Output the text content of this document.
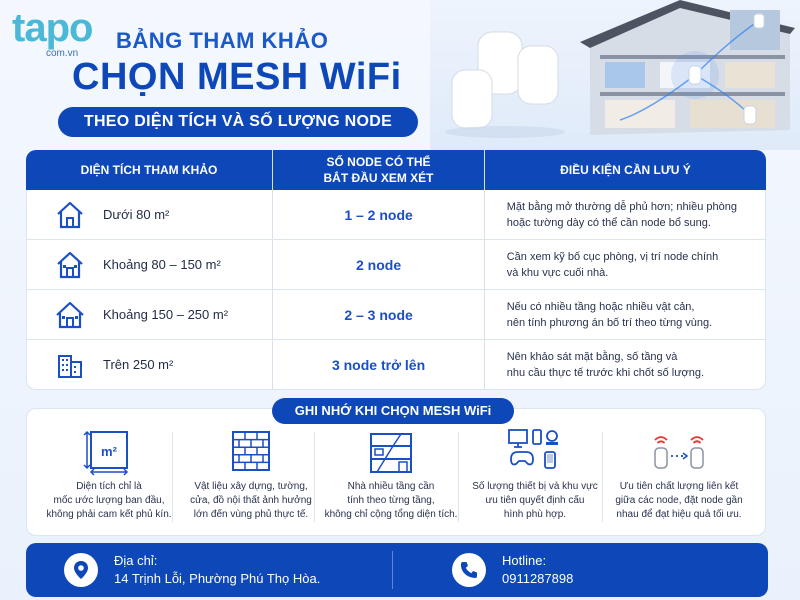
tapo
com.vn
BẢNG THAM KHẢO
CHỌN MESH WiFi
THEO DIỆN TÍCH VÀ SỐ LƯỢNG NODE
DIỆN TÍCH THAM KHẢO
SỐ NODE CÓ THỂ
BẮT ĐẦU XEM XÉT
ĐIỀU KIỆN CẦN LƯU Ý
Dưới 80 m²	1 – 2 node	Mặt bằng mở thường dễ phủ hơn; nhiều phòng
hoặc tường dày có thể cần node bổ sung.
Khoảng 80 – 150 m²	2 node	Cần xem kỹ bố cục phòng, vị trí node chính
và khu vực cuối nhà.
Khoảng 150 – 250 m²	2 – 3 node	Nếu có nhiều tầng hoặc nhiều vật cản,
nên tính phương án bố trí theo từng vùng.
Trên 250 m²	3 node trở lên	Nên khảo sát mặt bằng, số tầng và
nhu cầu thực tế trước khi chốt số lượng.
GHI NHỚ KHI CHỌN MESH WiFi
m²
Diện tích chỉ là
mốc ước lượng ban đầu,
không phải cam kết phủ kín.
Vật liệu xây dựng, tường,
cửa, đồ nội thất ảnh hưởng
lớn đến vùng phủ thực tế.
Nhà nhiều tầng cần
tính theo từng tầng,
không chỉ cộng tổng diện tích.
Số lượng thiết bị và khu vực
ưu tiên quyết định cấu
hình phù hợp.
Ưu tiên chất lượng liên kết
giữa các node, đặt node gần
nhau để đạt hiệu quả tối ưu.
Địa chỉ:
14 Trịnh Lỗi, Phường Phú Thọ Hòa.
Hotline:
0911287898
